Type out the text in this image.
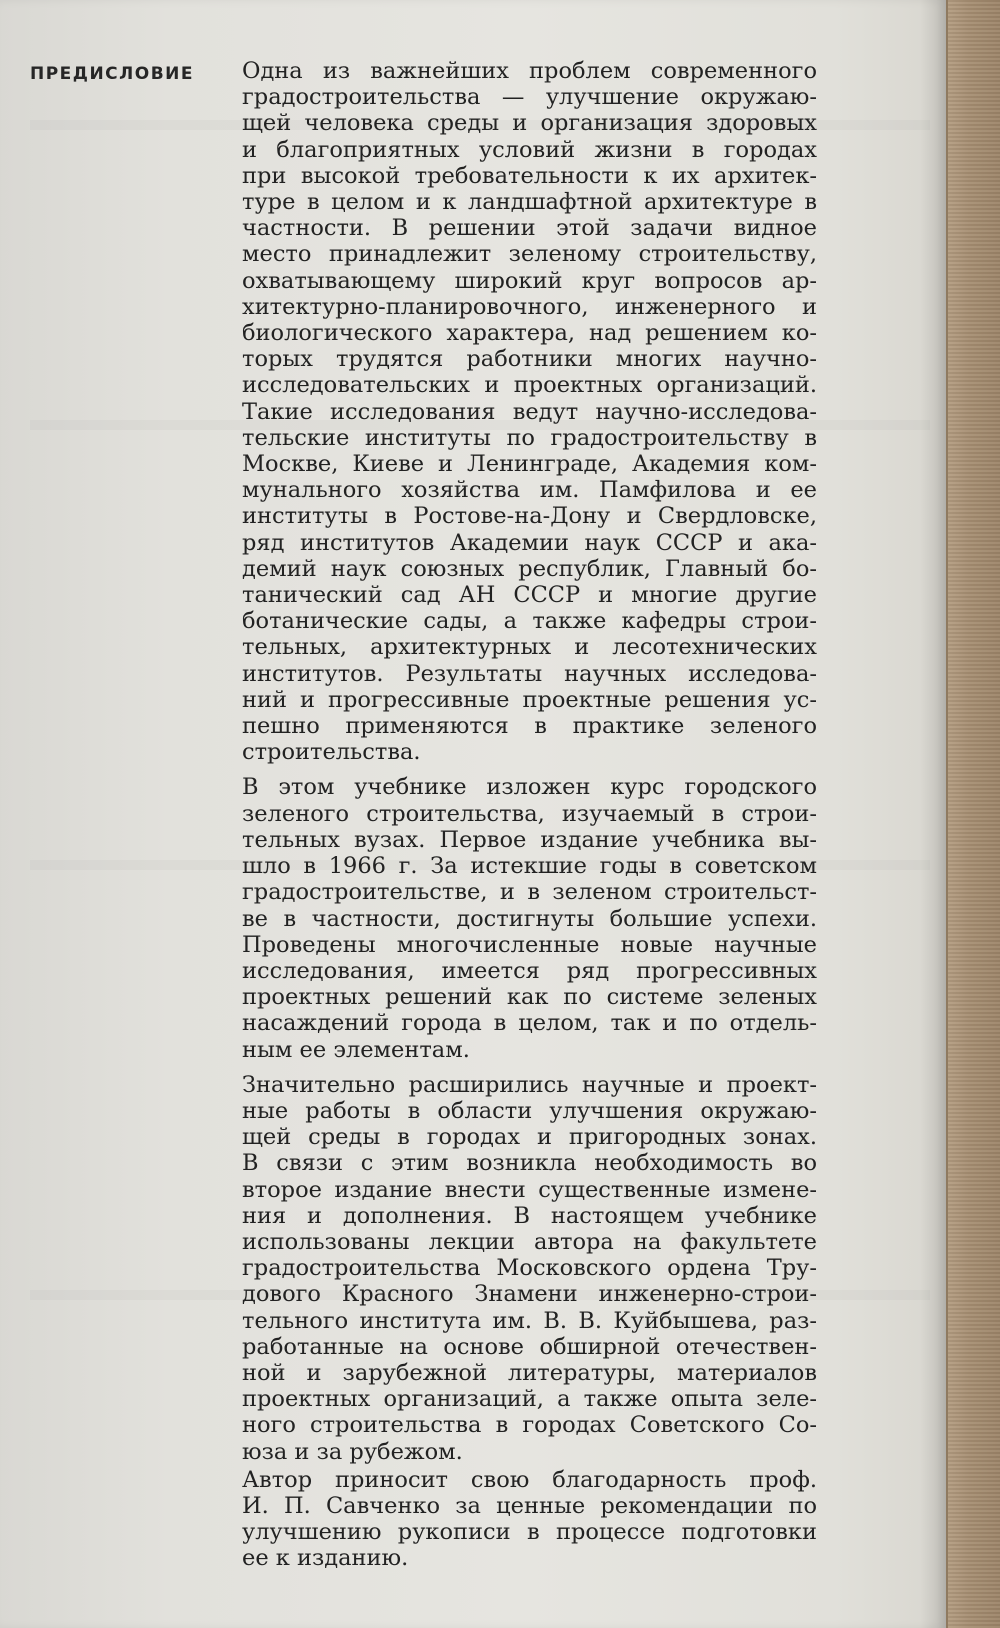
ПРЕДИСЛОВИЕ Одна из важнейших проблем современного
градостроительства — улучшение окружаю-
щей человека среды и организация здоровых
и благоприятных условий жизни в городах
при высокой требовательности к их архитек-
туре в целом и к ландшафтной архитектуре в
частности. В решении этой задачи видное
место принадлежит зеленому строительству,
охватывающему широкий круг вопросов ар-
хитектурно-планировочного, инженерного и
биологического характера, над решением ко-
торых трудятся работники многих научно-
исследовательских и проектных организаций.
Такие исследования ведут научно-исследова-
тельские институты по градостроительству в
Москве, Киеве и Ленинграде, Академия ком-
мунального хозяйства им. Памфилова и ее
институты в Ростове-на-Дону и Свердловске,
ряд институтов Академии наук СССР и ака-
демий наук союзных республик, Главный бо-
танический сад АН СССР и многие другие
ботанические сады, а также кафедры строи-
тельных, архитектурных и лесотехнических
институтов. Результаты научных исследова-
ний и прогрессивные проектные решения ус-
пешно применяются в практике зеленого
строительства.

В этом учебнике изложен курс городского
зеленого строительства, изучаемый в строи-
тельных вузах. Первое издание учебника вы-
шло в 1966 г. За истекшие годы в советском
градостроительстве, и в зеленом строительст-
ве в частности, достигнуты большие успехи.
Проведены многочисленные новые научные
исследования, имеется ряд прогрессивных
проектных решений как по системе зеленых
насаждений города в целом, так и по отдель-
ным ее элементам.

Значительно расширились научные и проект-
ные работы в области улучшения окружаю-
щей среды в городах и пригородных зонах.
В связи с этим возникла необходимость во
второе издание внести существенные измене-
ния и дополнения. В настоящем учебнике
использованы лекции автора на факультете
градостроительства Московского ордена Тру-
дового Красного Знамени инженерно-строи-
тельного института им. В. В. Куйбышева, раз-
работанные на основе обширной отечествен-
ной и зарубежной литературы, материалов
проектных организаций, а также опыта зеле-
ного строительства в городах Советского Со-
юза и за рубежом.

Автор приносит свою благодарность проф.
И. П. Савченко за ценные рекомендации по
улучшению рукописи в процессе подготовки
ее к изданию.
